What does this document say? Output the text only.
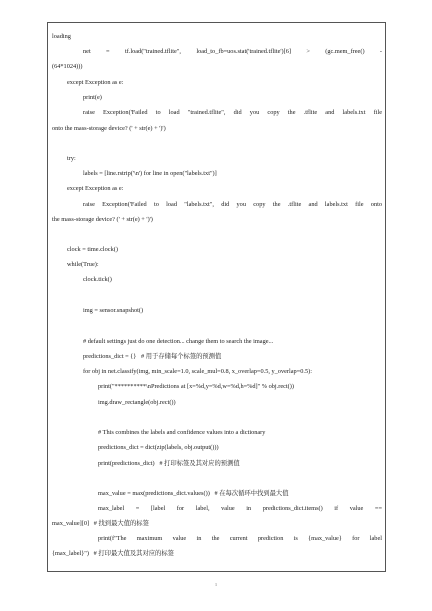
loading
net = tf.load("trained.tflite", load_to_fb=uos.stat('trained.tflite')[6] > (gc.mem_free() -
(64*1024)))
except Exception as e:
print(e)
raise Exception('Failed to load "trained.tflite", did you copy the .tflite and labels.txt file
onto the mass-storage device? (' + str(e) + ')')
try:
labels = [line.rstrip('\n') for line in open("labels.txt")]
except Exception as e:
raise Exception('Failed to load "labels.txt", did you copy the .tflite and labels.txt file onto
the mass-storage device? (' + str(e) + ')')
clock = time.clock()
while(True):
clock.tick()
img = sensor.snapshot()
# default settings just do one detection... change them to search the image...
predictions_dict = {}   # 用于存储每个标签的预测值
for obj in net.classify(img, min_scale=1.0, scale_mul=0.8, x_overlap=0.5, y_overlap=0.5):
print("**********\nPredictions at [x=%d,y=%d,w=%d,h=%d]" % obj.rect())
img.draw_rectangle(obj.rect())
# This combines the labels and confidence values into a dictionary
predictions_dict = dict(zip(labels, obj.output()))
print(predictions_dict)   # 打印标签及其对应的预测值
max_value = max(predictions_dict.values())   # 在每次循环中找到最大值
max_label = [label for label, value in predictions_dict.items() if value ==
max_value][0]   # 找到最大值的标签
print(f"The maximum value in the current prediction is {max_value} for label
{max_label}")   # 打印最大值及其对应的标签
1
